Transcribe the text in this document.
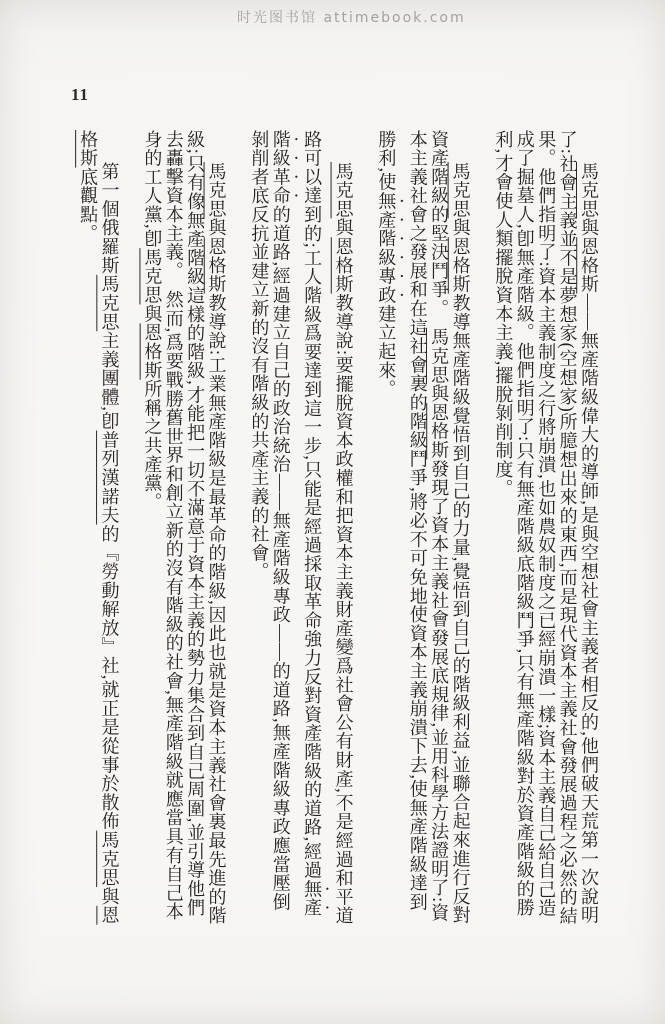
时光图书馆 attimebook.com
11

馬克思與恩格斯——無產階級偉大的導師,是與空想社會主義者相反的,他們破天荒第一次說明了:社會主義並不是夢想家(空想家)所臆想出來的東西,而是現代資本主義社會發展過程之必然的結果。他們指明了:資本主義制度之行將崩潰,也如農奴制度之已經崩潰一樣;資本主義自己給自己造成了掘墓人,卽無產階級。他們指明了:只有無產階級底階級鬥爭,只有無產階級對於資產階級的勝利,才會使人類擺脫資本主義,擺脫剝削制度。

馬克思與恩格斯教導無產階級覺悟到自己的力量,覺悟到自己的階級利益,並聯合起來進行反對資產階級的堅決鬥爭。　馬克思與恩格斯發現了資本主義社會發展底規律,並用科學方法證明了:資本主義社會之發展和在這社會裏的階級鬥爭,將必不可免地使資本主義崩潰下去,使無產階級達到勝利,使無產階級專政建立起來。

馬克思與恩格斯教導說:要擺脫資本政權和把資本主義財產變爲社會公有財產,不是經過和平道路可以達到的;工人階級爲要達到這一步,只能是經過採取革命強力反對資產階級的道路,經過無產階級革命的道路,經過建立自己的政治統治——無產階級專政——的道路,無產階級專政應當壓倒剝削者底反抗並建立新的沒有階級的共產主義的社會。

馬克思與恩格斯教導說:工業無產階級是最革命的階級,因此也就是資本主義社會裏最先進的階級;只有像無產階級這樣的階級,才能把一切不滿意于資本主義的勢力集合到自己周圍,並引導他們去轟擊資本主義。　然而,爲要戰勝舊世界和創立新的沒有階級的社會,無產階級就應當具有自己本身的工人黨,卽馬克思與恩格斯所稱之共產黨。

第一個俄羅斯馬克思主義團體,卽普列漢諾夫的『勞動解放』社,就正是從事於散佈馬克思與恩格斯底觀點。
